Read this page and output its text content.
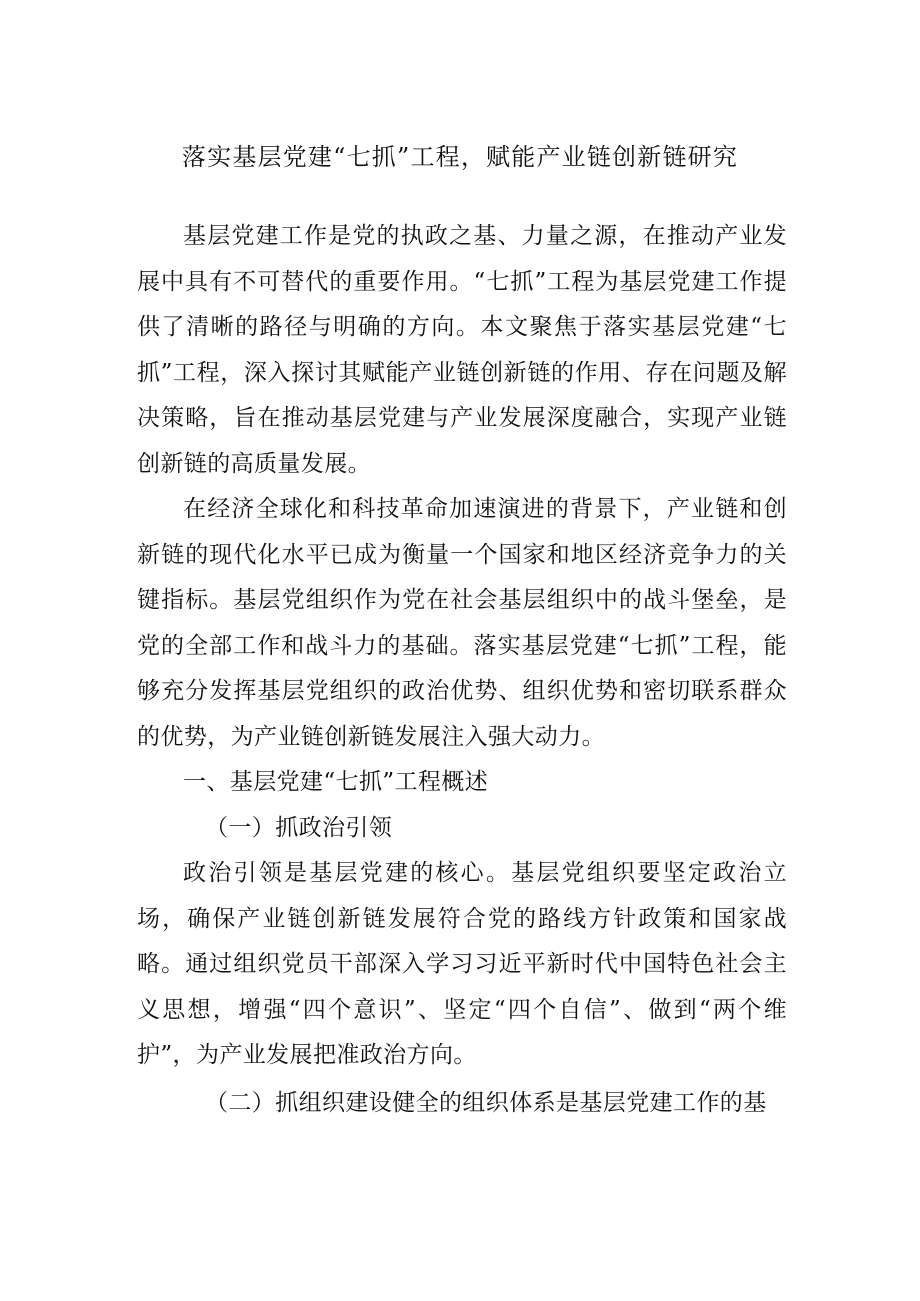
落实基层党建“七抓”工程，赋能产业链创新链研究

基层党建工作是党的执政之基、力量之源，在推动产业发展中具有不可替代的重要作用。“七抓”工程为基层党建工作提供了清晰的路径与明确的方向。本文聚焦于落实基层党建“七抓”工程，深入探讨其赋能产业链创新链的作用、存在问题及解决策略，旨在推动基层党建与产业发展深度融合，实现产业链创新链的高质量发展。

在经济全球化和科技革命加速演进的背景下，产业链和创新链的现代化水平已成为衡量一个国家和地区经济竞争力的关键指标。基层党组织作为党在社会基层组织中的战斗堡垒，是党的全部工作和战斗力的基础。落实基层党建“七抓”工程，能够充分发挥基层党组织的政治优势、组织优势和密切联系群众的优势，为产业链创新链发展注入强大动力。

一、基层党建“七抓”工程概述

（一）抓政治引领

政治引领是基层党建的核心。基层党组织要坚定政治立场，确保产业链创新链发展符合党的路线方针政策和国家战略。通过组织党员干部深入学习习近平新时代中国特色社会主义思想，增强“四个意识”、坚定“四个自信”、做到“两个维护”，为产业发展把准政治方向。

（二）抓组织建设健全的组织体系是基层党建工作的基
